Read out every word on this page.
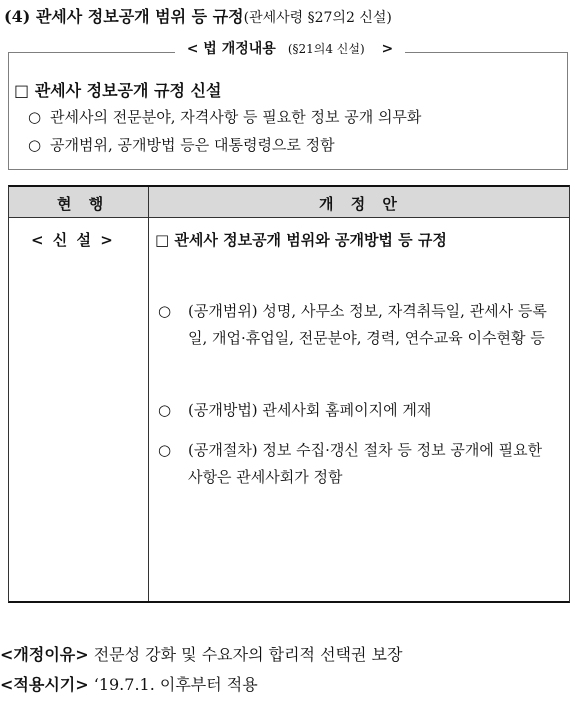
(4) 관세사 정보공개 범위 등 규정(관세사령 §27의2 신설)
< 법 개정내용 (§21의4 신설) >
□ 관세사 정보공개 규정 신설
○ 관세사의 전문분야, 자격사항 등 필요한 정보 공개 의무화
○ 공개범위, 공개방법 등은 대통령령으로 정함
현 행	개 정 안
< 신 설 >	□ 관세사 정보공개 범위와 공개방법 등 규정
○	(공개범위) 성명, 사무소 정보, 자격취득일, 관세사 등록일, 개업·휴업일, 전문분야, 경력, 연수교육 이수현황 등
○	(공개방법) 관세사회 홈페이지에 게재
○	(공개절차) 정보 수집·갱신 절차 등 정보 공개에 필요한 사항은 관세사회가 정함
<개정이유> 전문성 강화 및 수요자의 합리적 선택권 보장
<적용시기> ‘19.7.1. 이후부터 적용
